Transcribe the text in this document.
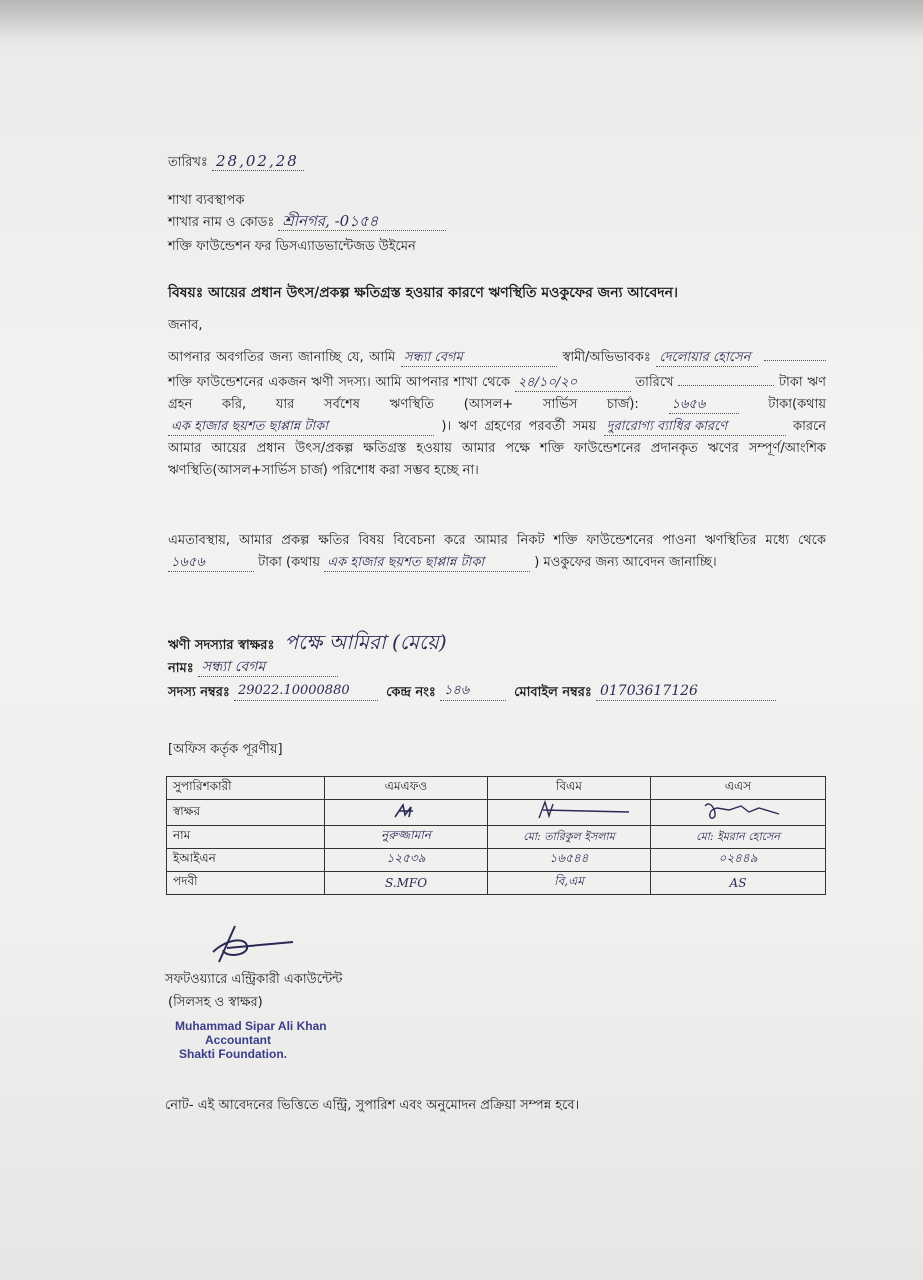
তারিখঃ 28,02,28
শাখা ব্যবস্থাপক
শাখার নাম ও কোডঃ শ্রীনগর, -0১৫৪
শক্তি ফাউন্ডেশন ফর ডিসএ্যাডভান্টেজড উইমেন
বিষয়ঃ আয়ের প্রধান উৎস/প্রকল্প ক্ষতিগ্রস্ত হওয়ার কারণে ঋণস্থিতি মওকুফের জন্য আবেদন।
জনাব,
আপনার অবগতির জন্য জানাচ্ছি যে, আমি সন্ধ্যা বেগম	স্বামী/অভিভাবকঃ দেলোয়ার হোসেন  শক্তি ফাউন্ডেশনের একজন ঋণী সদস্য। আমি আপনার শাখা থেকে ২৪/১০/২০	তারিখে	টাকা ঋণ গ্রহন করি, যার সর্বশেষ ঋণস্থিতি (আসল+ সার্ভিস চার্জ):	১৬৫৬	টাকা(কথায় এক হাজার ছয়শত ছাপ্পান্ন টাকা	)। ঋণ গ্রহণের পরবর্তী সময় দুরারোগ্য ব্যাধির কারণে	কারনে আমার আয়ের প্রধান উৎস/প্রকল্প ক্ষতিগ্রস্ত হওয়ায় আমার পক্ষে শক্তি ফাউন্ডেশনের প্রদানকৃত ঋণের সম্পূর্ণ/আংশিক ঋণস্থিতি(আসল+সার্ভিস চার্জ) পরিশোধ করা সম্ভব হচ্ছে না।
এমতাবস্থায়, আমার প্রকল্প ক্ষতির বিষয় বিবেচনা করে আমার নিকট শক্তি ফাউন্ডেশনের পাওনা ঋণস্থিতির মধ্যে থেকে ১৬৫৬	টাকা (কথায় এক হাজার ছয়শত ছাপ্পান্ন টাকা	) মওকুফের জন্য আবেদন জানাচ্ছি।
ঋণী সদস্যার স্বাক্ষরঃ পক্ষে আমিরা (মেয়ে)
নামঃ সন্ধ্যা বেগম
সদস্য নম্বরঃ 29022.10000880	কেন্দ্র নংঃ ১৪৬	মোবাইল নম্বরঃ 01703617126
[অফিস কর্তৃক পূরণীয়]
সুপারিশকারী	এমএফও	বিএম	এএস
স্বাক্ষর			
নাম	নুরুজ্জামান	মো: তারিকুল ইসলাম	মো: ইমরান হোসেন
ইআইএন	১২৫৩৯	১৬৫৪৪	০২৪৪৯
পদবী	S.MFO	বি,এম	AS
সফটওয়্যারে এন্ট্রিকারী একাউন্টেন্ট
(সিলসহ ও স্বাক্ষর)
Muhammad Sipar Ali Khan
Accountant
Shakti Foundation.
নোট- এই আবেদনের ভিত্তিতে এন্ট্রি, সুপারিশ এবং অনুমোদন প্রক্রিয়া সম্পন্ন হবে।
